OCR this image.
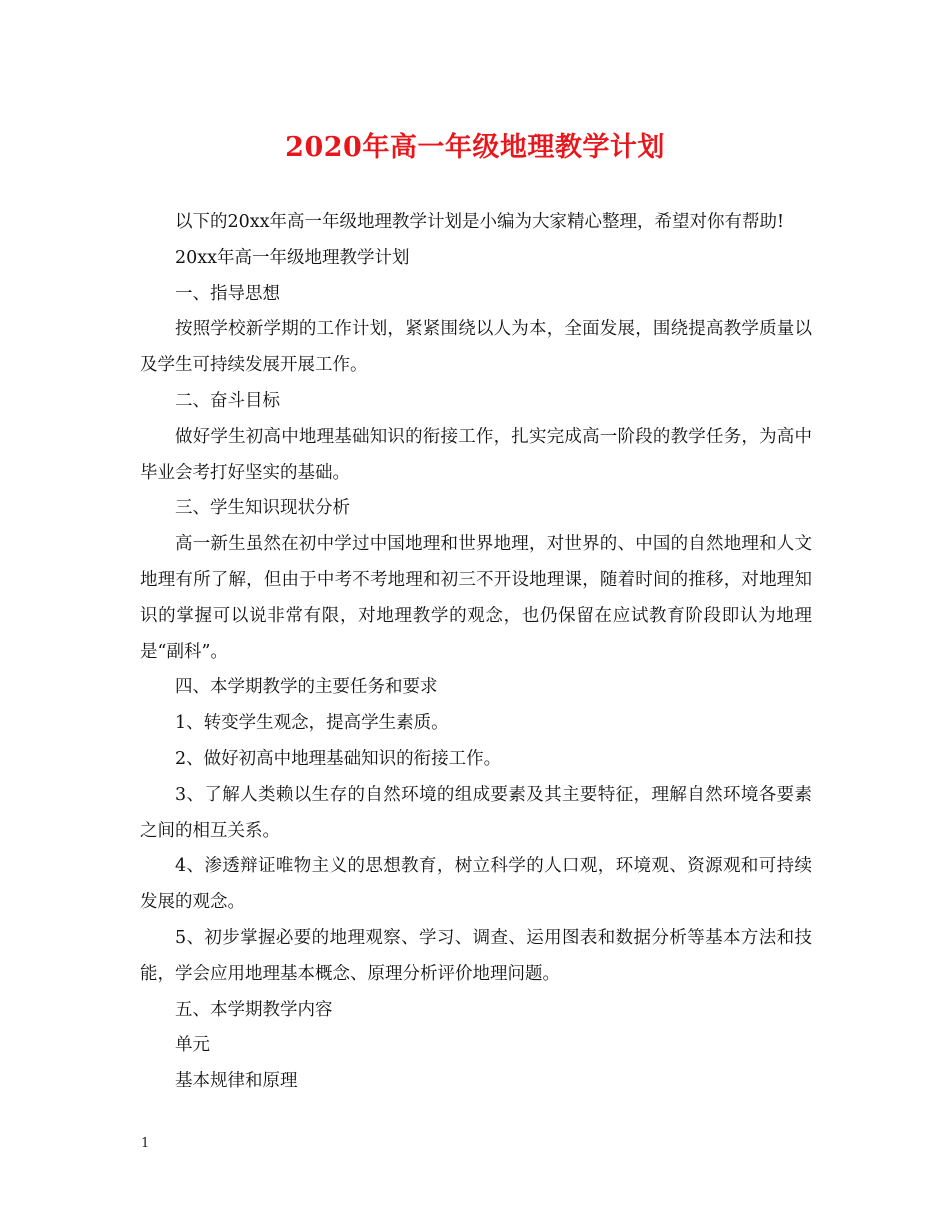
2020年高一年级地理教学计划

以下的20xx年高一年级地理教学计划是小编为大家精心整理，希望对你有帮助!

20xx年高一年级地理教学计划

一、指导思想

按照学校新学期的工作计划，紧紧围绕以人为本，全面发展，围绕提高教学质量以及学生可持续发展开展工作。

二、奋斗目标

做好学生初高中地理基础知识的衔接工作，扎实完成高一阶段的教学任务，为高中毕业会考打好坚实的基础。

三、学生知识现状分析

高一新生虽然在初中学过中国地理和世界地理，对世界的、中国的自然地理和人文地理有所了解，但由于中考不考地理和初三不开设地理课，随着时间的推移，对地理知识的掌握可以说非常有限，对地理教学的观念，也仍保留在应试教育阶段即认为地理是“副科”。

四、本学期教学的主要任务和要求

1、转变学生观念，提高学生素质。

2、做好初高中地理基础知识的衔接工作。

3、了解人类赖以生存的自然环境的组成要素及其主要特征，理解自然环境各要素之间的相互关系。

4、渗透辩证唯物主义的思想教育，树立科学的人口观，环境观、资源观和可持续发展的观念。

5、初步掌握必要的地理观察、学习、调查、运用图表和数据分析等基本方法和技能，学会应用地理基本概念、原理分析评价地理问题。

五、本学期教学内容

单元

基本规律和原理

1
